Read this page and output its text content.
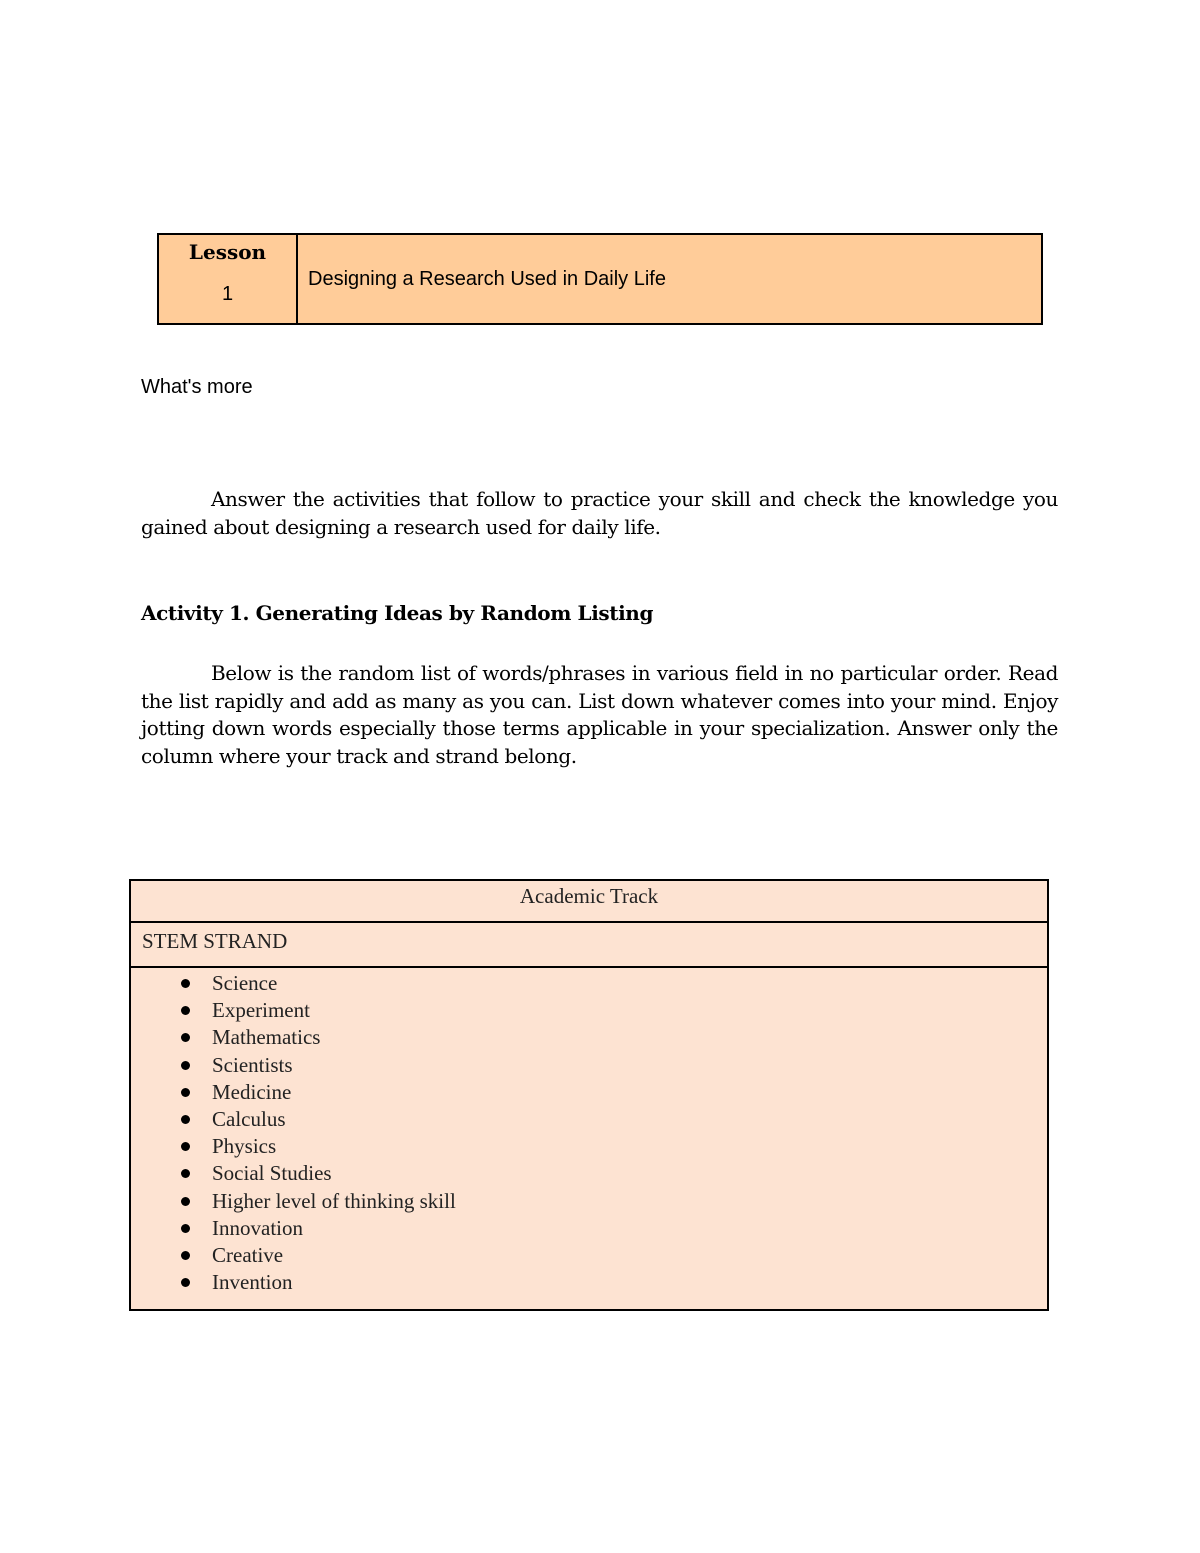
Lesson
1
Designing a Research Used in Daily Life
What's more

Answer the activities that follow to practice your skill and check the knowledge you gained about designing a research used for daily life.

Activity 1. Generating Ideas by Random Listing

Below is the random list of words/phrases in various field in no particular order. Read the list rapidly and add as many as you can. List down whatever comes into your mind. Enjoy jotting down words especially those terms applicable in your specialization. Answer only the column where your track and strand belong.

Academic Track
STEM STRAND
Science
Experiment
Mathematics
Scientists
Medicine
Calculus
Physics
Social Studies
Higher level of thinking skill
Innovation
Creative
Invention
